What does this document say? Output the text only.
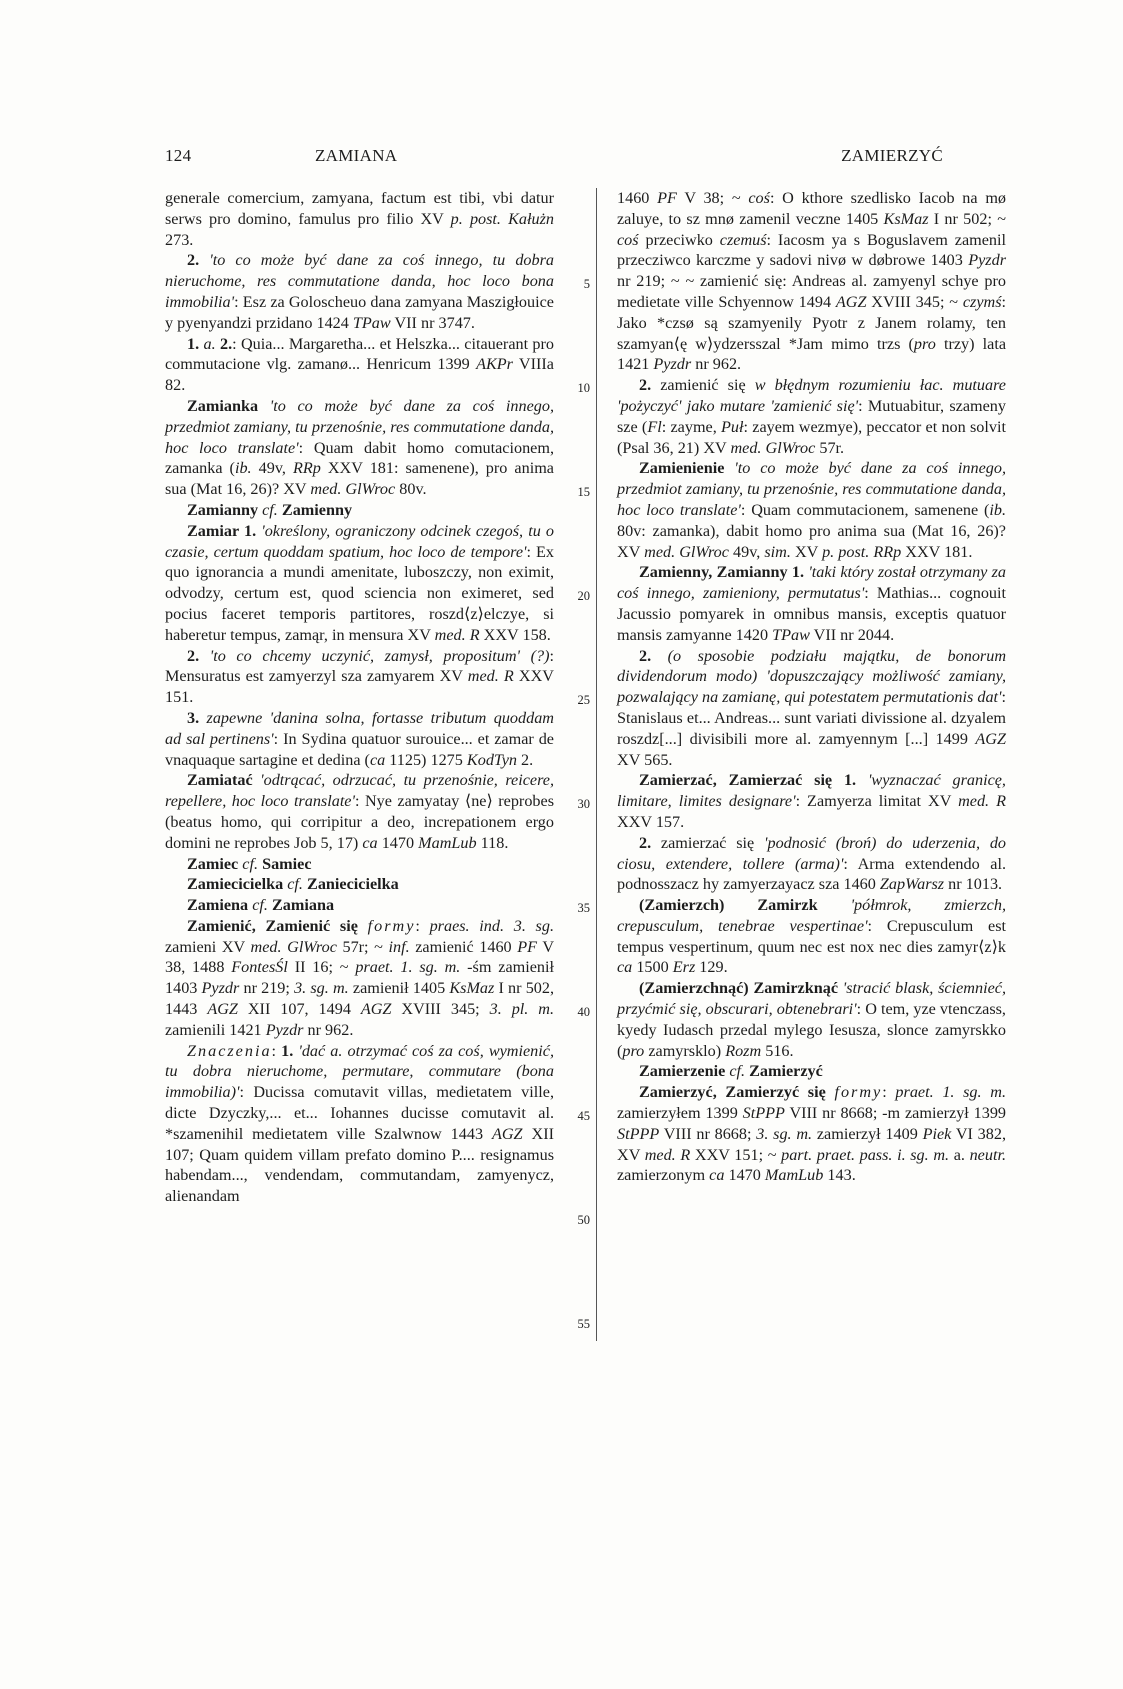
124	ZAMIANA	ZAMIERZYĆ

generale comercium, zamyana, factum est tibi, vbi datur serws pro domino, famulus pro filio XV p. post. Kałużn 273.

2. 'to co może być dane za coś innego, tu dobra nieruchome, res commutatione danda, hoc loco bona immobilia': Esz za Goloscheuo dana zamyana Maszigłouice y pyenyandzi przidano 1424 TPaw VII nr 3747.

1. a. 2.: Quia... Margaretha... et Helszka... citauerant pro commutacione vlg. zamanø... Henricum 1399 AKPr VIIIa 82.

Zamianka 'to co może być dane za coś innego, przedmiot zamiany, tu przenośnie, res commutatione danda, hoc loco translate': Quam dabit homo comutacionem, zamanka (ib. 49v, RRp XXV 181: samenene), pro anima sua (Mat 16, 26)? XV med. GlWroc 80v.

Zamianny cf. Zamienny

Zamiar 1. 'określony, ograniczony odcinek czegoś, tu o czasie, certum quoddam spatium, hoc loco de tempore': Ex quo ignorancia a mundi amenitate, luboszczy, non eximit, odvodzy, certum est, quod sciencia non eximeret, sed pocius faceret temporis partitores, roszd⟨z⟩elczye, si haberetur tempus, zamąr, in mensura XV med. R XXV 158.

2. 'to co chcemy uczynić, zamysł, propositum' (?): Mensuratus est zamyerzyl sza zamyarem XV med. R XXV 151.

3. zapewne 'danina solna, fortasse tributum quoddam ad sal pertinens': In Sydina quatuor surouice... et zamar de vnaquaque sartagine et dedina (ca 1125) 1275 KodTyn 2.

Zamiatać 'odtrącać, odrzucać, tu przenośnie, reicere, repellere, hoc loco translate': Nye zamyatay ⟨ne⟩ reprobes (beatus homo, qui corripitur a deo, increpationem ergo domini ne reprobes Job 5, 17) ca 1470 MamLub 118.

Zamiec cf. Samiec

Zamiecicielka cf. Zaniecicielka

Zamiena cf. Zamiana

Zamienić, Zamienić się formy: praes. ind. 3. sg. zamieni XV med. GlWroc 57r; ~ inf. zamienić 1460 PF V 38, 1488 FontesŚl II 16; ~ praet. 1. sg. m. -śm zamienił 1403 Pyzdr nr 219; 3. sg. m. zamienił 1405 KsMaz I nr 502, 1443 AGZ XII 107, 1494 AGZ XVIII 345; 3. pl. m. zamienili 1421 Pyzdr nr 962.

Znaczenia: 1. 'dać a. otrzymać coś za coś, wymienić, tu dobra nieruchome, permutare, commutare (bona immobilia)': Ducissa comutavit villas, medietatem ville, dicte Dzyczky,... et... Iohannes ducisse comutavit al. *szamenihil medietatem ville Szalwnow 1443 AGZ XII 107; Quam quidem villam prefato domino P.... resignamus habendam..., vendendam, commutandam, zamyenycz, alienandam

5
10
15
20
25
30
35
40
45
50
55

1460 PF V 38; ~ coś: O kthore szedlisko Iacob na mø zaluye, to sz mnø zamenil veczne 1405 KsMaz I nr 502; ~ coś przeciwko czemuś: Iacosm ya s Boguslavem zamenil przecziwco karczme y sadovi nivø w døbrowe 1403 Pyzdr nr 219; ~ ~ zamienić się: Andreas al. zamyenyl schye pro medietate ville Schyennow 1494 AGZ XVIII 345; ~ czymś: Jako *czsø są szamyenily Pyotr z Janem rolamy, ten szamyan⟨ę w⟩ydzersszal *Jam mimo trzs (pro trzy) lata 1421 Pyzdr nr 962.

2. zamienić się w błędnym rozumieniu łac. mutuare 'pożyczyć' jako mutare 'zamienić się': Mutuabitur, szameny sze (Fl: zayme, Puł: zayem wezmye), peccator et non solvit (Psal 36, 21) XV med. GlWroc 57r.

Zamienienie 'to co może być dane za coś innego, przedmiot zamiany, tu przenośnie, res commutatione danda, hoc loco translate': Quam commutacionem, samenene (ib. 80v: zamanka), dabit homo pro anima sua (Mat 16, 26)? XV med. GlWroc 49v, sim. XV p. post. RRp XXV 181.

Zamienny, Zamianny 1. 'taki który został otrzymany za coś innego, zamieniony, permutatus': Mathias... cognouit Jacussio pomyarek in omnibus mansis, exceptis quatuor mansis zamyanne 1420 TPaw VII nr 2044.

2. (o sposobie podziału majątku, de bonorum dividendorum modo) 'dopuszczający możliwość zamiany, pozwalający na zamianę, qui potestatem permutationis dat': Stanislaus et... Andreas... sunt variati divissione al. dzyalem roszdz[...] divisibili more al. zamyennym [...] 1499 AGZ XV 565.

Zamierzać, Zamierzać się 1. 'wyznaczać granicę, limitare, limites designare': Zamyerza limitat XV med. R XXV 157.

2. zamierzać się 'podnosić (broń) do uderzenia, do ciosu, extendere, tollere (arma)': Arma extendendo al. podnosszacz hy zamyerzayacz sza 1460 ZapWarsz nr 1013.

(Zamierzch) Zamirzk 'półmrok, zmierzch, crepusculum, tenebrae vespertinae': Crepusculum est tempus vespertinum, quum nec est nox nec dies zamyr⟨z⟩k ca 1500 Erz 129.

(Zamierzchnąć) Zamirzknąć 'stracić blask, ściemnieć, przyćmić się, obscurari, obtenebrari': O tem, yze vtenczass, kyedy Iudasch przedal mylego Iesusza, slonce zamyrskko (pro zamyrsklo) Rozm 516.

Zamierzenie cf. Zamierzyć

Zamierzyć, Zamierzyć się formy: praet. 1. sg. m. zamierzyłem 1399 StPPP VIII nr 8668; -m zamierzył 1399 StPPP VIII nr 8668; 3. sg. m. zamierzył 1409 Piek VI 382, XV med. R XXV 151; ~ part. praet. pass. i. sg. m. a. neutr. zamierzonym ca 1470 MamLub 143.
